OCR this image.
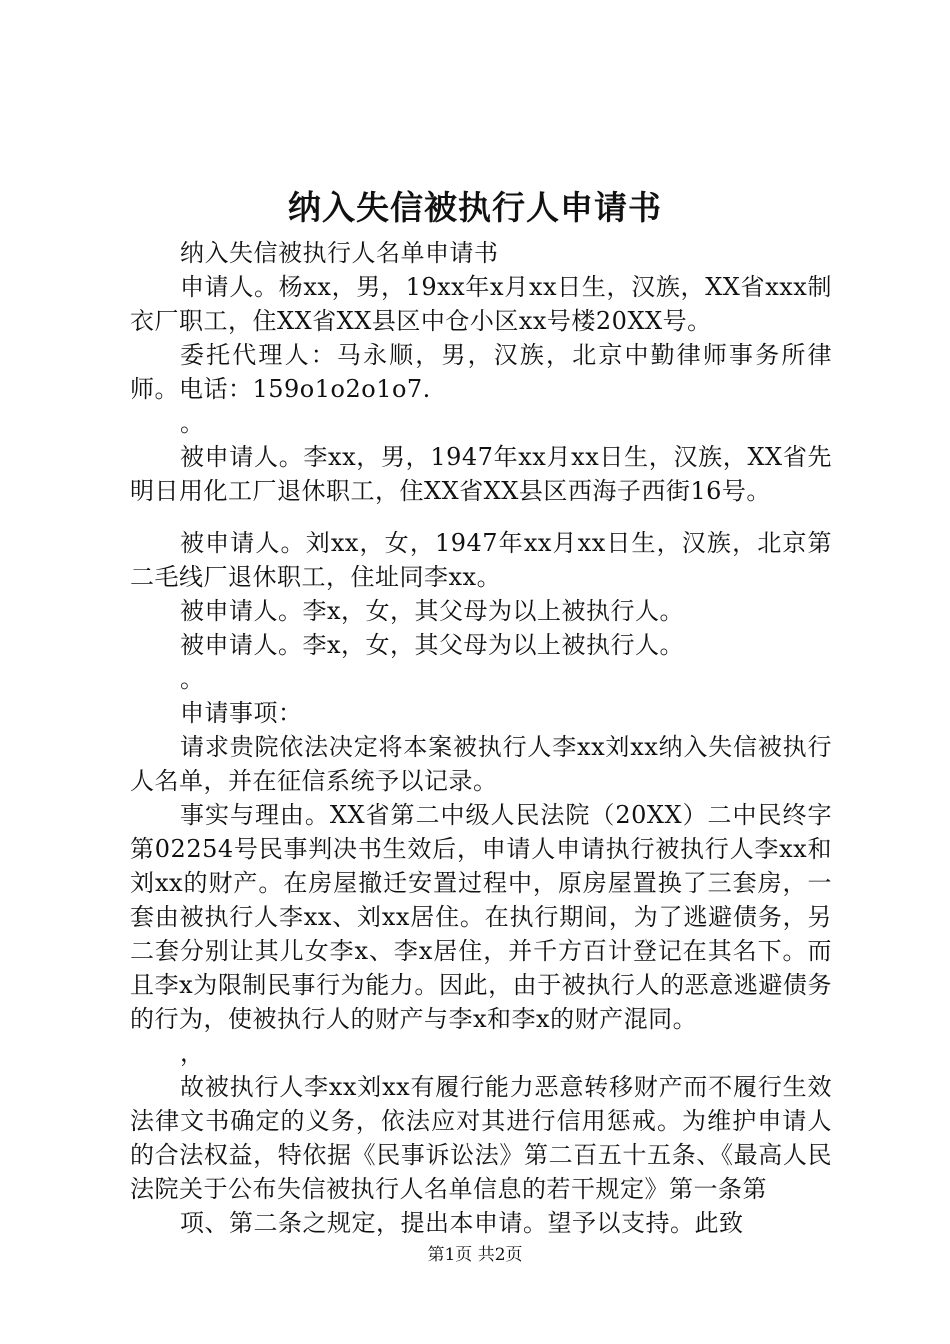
纳入失信被执行人申请书

纳入失信被执行人名单申请书

申请人。杨xx，男，19xx年x月xx日生，汉族，XX省xxx制衣厂职工，住XX省XX县区中仓小区xx号楼20XX号。

委托代理人：马永顺，男，汉族，北京中勤律师事务所律师。电话：159o1o2o1o7.

。

被申请人。李xx，男，1947年xx月xx日生，汉族，XX省先明日用化工厂退休职工，住XX省XX县区西海子西街16号。

被申请人。刘xx，女，1947年xx月xx日生，汉族，北京第二毛线厂退休职工，住址同李xx。

被申请人。李x，女，其父母为以上被执行人。

被申请人。李x，女，其父母为以上被执行人。

。

申请事项：

请求贵院依法决定将本案被执行人李xx刘xx纳入失信被执行人名单，并在征信系统予以记录。

事实与理由。XX省第二中级人民法院（20XX）二中民终字第02254号民事判决书生效后，申请人申请执行被执行人李xx和刘xx的财产。在房屋撤迁安置过程中，原房屋置换了三套房，一套由被执行人李xx、刘xx居住。在执行期间，为了逃避债务，另二套分别让其儿女李x、李x居住，并千方百计登记在其名下。而且李x为限制民事行为能力。因此，由于被执行人的恶意逃避债务的行为，使被执行人的财产与李x和李x的财产混同。

，

故被执行人李xx刘xx有履行能力恶意转移财产而不履行生效法律文书确定的义务，依法应对其进行信用惩戒。为维护申请人的合法权益，特依据《民事诉讼法》第二百五十五条、《最高人民法院关于公布失信被执行人名单信息的若干规定》第一条第

项、第二条之规定，提出本申请。望予以支持。此致

第1页 共2页
